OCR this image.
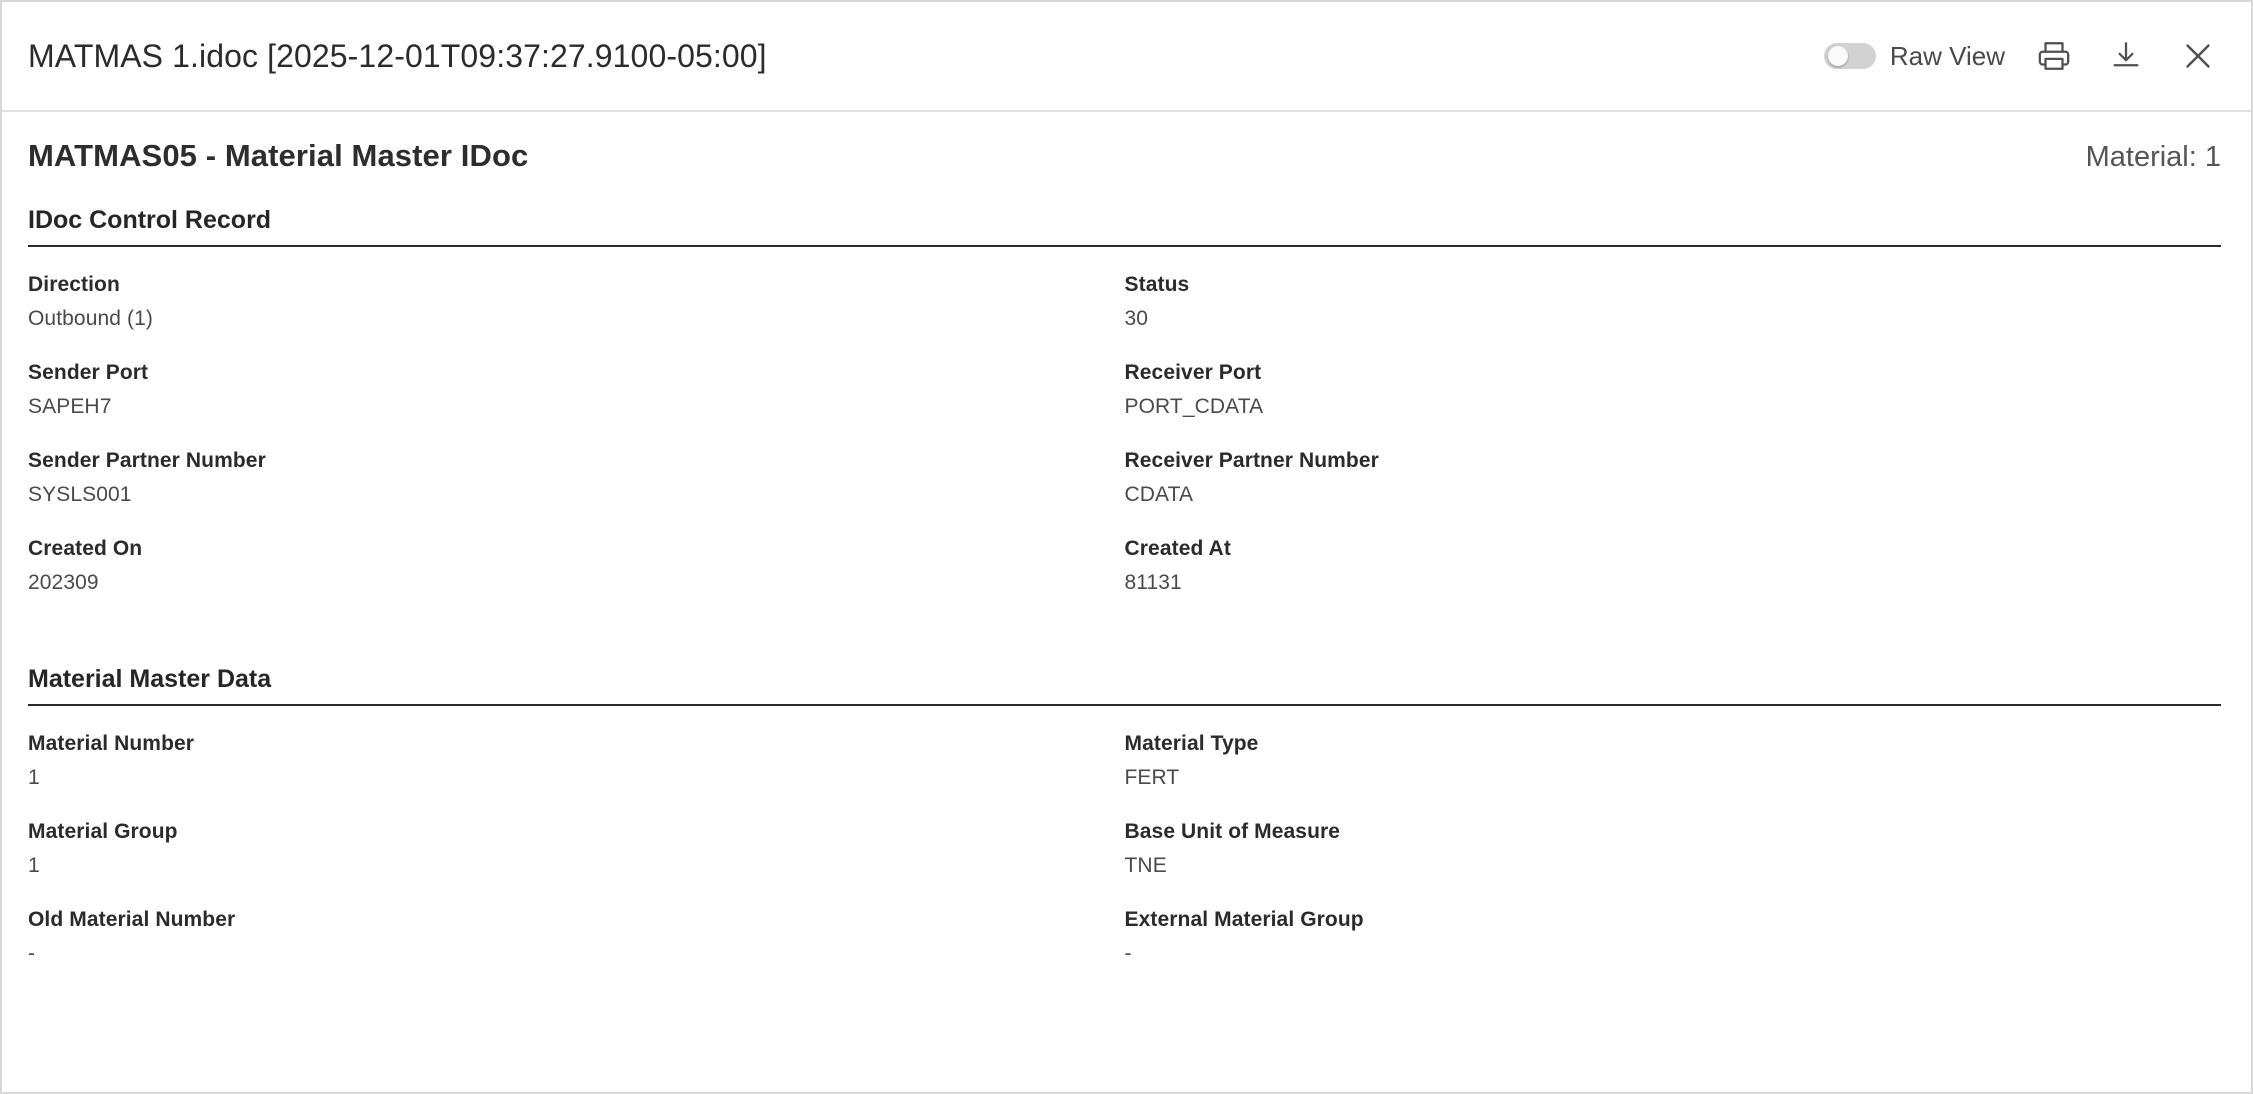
MATMAS 1.idoc [2025-12-01T09:37:27.9100-05:00]	Raw View
MATMAS05 - Material Master IDoc	Material: 1
IDoc Control Record
Direction
Outbound (1)
Status
30
Sender Port
SAPEH7
Receiver Port
PORT_CDATA
Sender Partner Number
SYSLS001
Receiver Partner Number
CDATA
Created On
202309
Created At
81131
Material Master Data
Material Number
1
Material Type
FERT
Material Group
1
Base Unit of Measure
TNE
Old Material Number
-
External Material Group
-
